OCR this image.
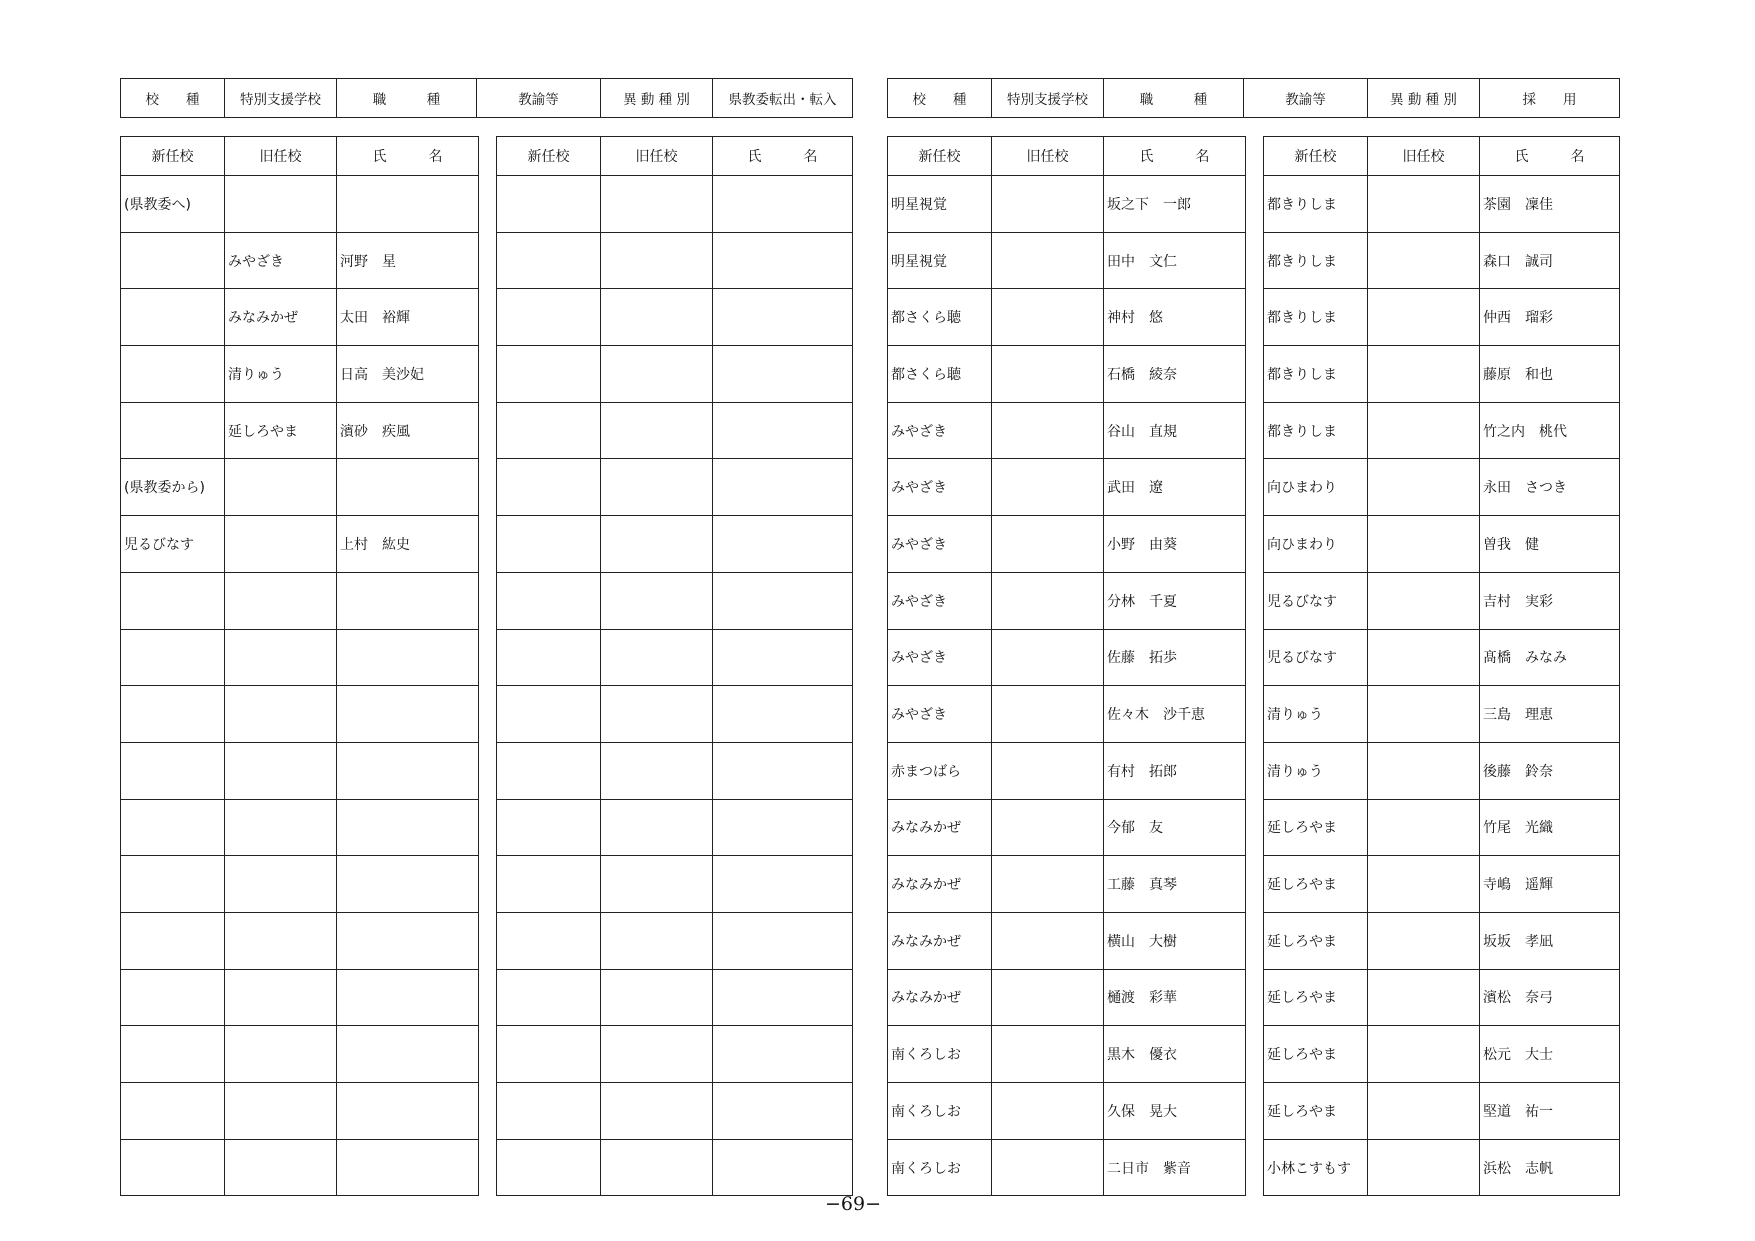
校　　種	特別支援学校	職　　　種	教諭等	異 動 種 別	県教委転出・転入	校　　種	特別支援学校	職　　　種	教諭等	異 動 種 別	採　　用
新任校	旧任校	氏　　　名
(県教委へ)		
	みやざき	河野　星
	みなみかぜ	太田　裕輝
	清りゅう	日高　美沙妃
	延しろやま	濱砂　疾風
(県教委から)		
児るびなす		上村　紘史

新任校	旧任校	氏　　　名

			新任校	旧任校	氏　　　名
明星視覚		坂之下　一郎
明星視覚		田中　文仁
都さくら聴		神村　悠
都さくら聴		石橋　綾奈
みやざき		谷山　直規
みやざき		武田　遼
みやざき		小野　由葵
みやざき		分林　千夏
みやざき		佐藤　拓歩
みやざき		佐々木　沙千恵
赤まつばら		有村　拓郎
みなみかぜ		今郁　友
みなみかぜ		工藤　真琴
みなみかぜ		横山　大樹
みなみかぜ		樋渡　彩華
南くろしお		黒木　優衣
南くろしお		久保　晃大
南くろしお		二日市　紫音
新任校	旧任校	氏　　　名
都きりしま		茶園　凜佳
都きりしま		森口　誠司
都きりしま		仲西　瑠彩
都きりしま		藤原　和也
都きりしま		竹之内　桃代
向ひまわり		永田　さつき
向ひまわり		曽我　健
児るびなす		吉村　実彩
児るびなす		髙橋　みなみ
清りゅう		三島　理恵
清りゅう		後藤　鈴奈
延しろやま		竹尾　光織
延しろやま		寺嶋　遥輝
延しろやま		坂坂　孝凪
延しろやま		濱松　奈弓
延しろやま		松元　大士
延しろやま		堅道　祐一
小林こすもす		浜松　志帆
−69−
